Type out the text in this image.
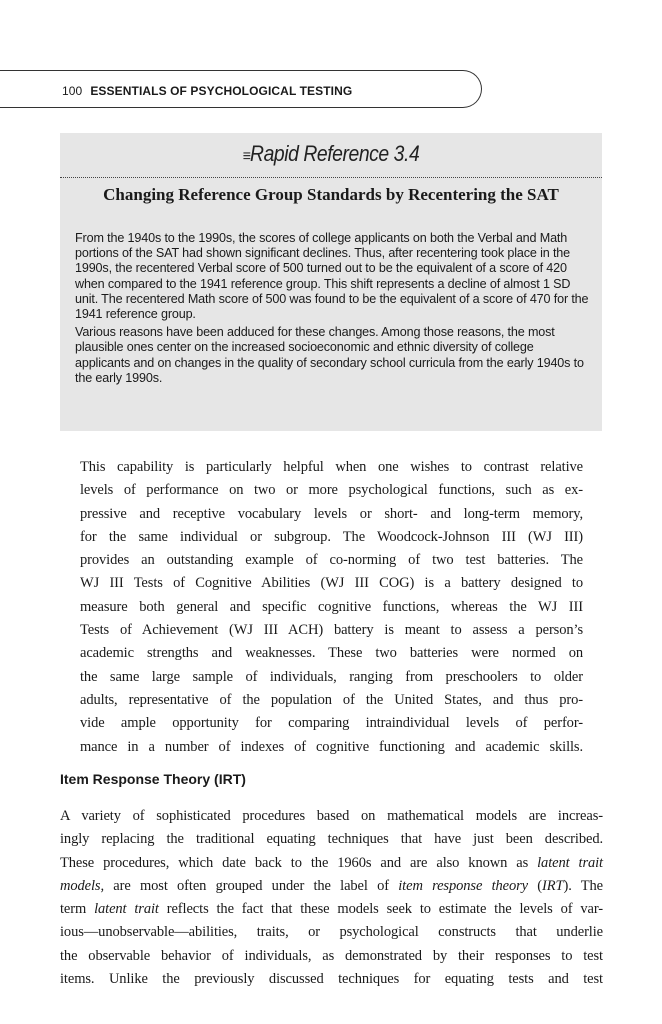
100 ESSENTIALS OF PSYCHOLOGICAL TESTING
≡Rapid Reference 3.4
Changing Reference Group Standards by Recentering the SAT

From the 1940s to the 1990s, the scores of college applicants on both the Verbal and Math portions of the SAT had shown significant declines. Thus, after recentering took place in the 1990s, the recentered Verbal score of 500 turned out to be the equivalent of a score of 420 when compared to the 1941 reference group. This shift represents a decline of almost 1 SD unit. The recentered Math score of 500 was found to be the equivalent of a score of 470 for the 1941 reference group.

Various reasons have been adduced for these changes. Among those reasons, the most plausible ones center on the increased socioeconomic and ethnic diversity of college applicants and on changes in the quality of secondary school curricula from the early 1940s to the early 1990s.

This capability is particularly helpful when one wishes to contrast relative
levels of performance on two or more psychological functions, such as ex-
pressive and receptive vocabulary levels or short- and long-term memory,
for the same individual or subgroup. The Woodcock-Johnson III (WJ III)
provides an outstanding example of co-norming of two test batteries. The
WJ III Tests of Cognitive Abilities (WJ III COG) is a battery designed to
measure both general and specific cognitive functions, whereas the WJ III
Tests of Achievement (WJ III ACH) battery is meant to assess a person’s
academic strengths and weaknesses. These two batteries were normed on
the same large sample of individuals, ranging from preschoolers to older
adults, representative of the population of the United States, and thus pro-
vide ample opportunity for comparing intraindividual levels of perfor-
mance in a number of indexes of cognitive functioning and academic skills.
Item Response Theory (IRT)
A variety of sophisticated procedures based on mathematical models are increas-
ingly replacing the traditional equating techniques that have just been described.
These procedures, which date back to the 1960s and are also known as latent trait
models, are most often grouped under the label of item response theory (IRT). The
term latent trait reflects the fact that these models seek to estimate the levels of var-
ious—unobservable—abilities, traits, or psychological constructs that underlie
the observable behavior of individuals, as demonstrated by their responses to test
items. Unlike the previously discussed techniques for equating tests and test
